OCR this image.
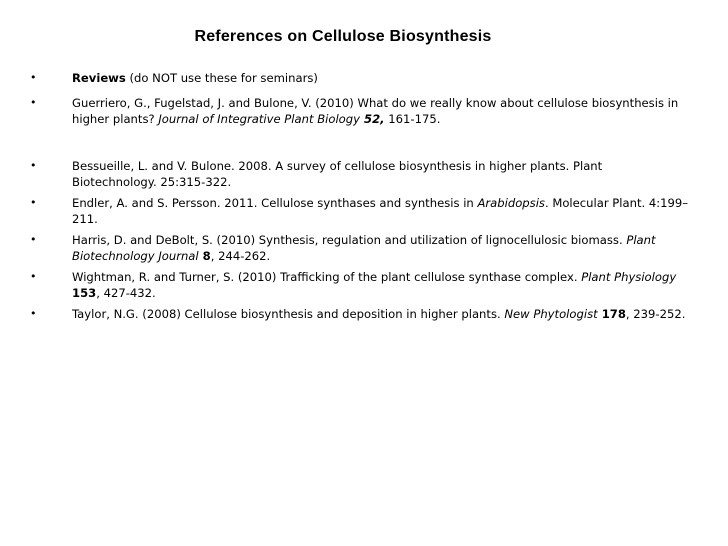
References on Cellulose Biosynthesis
•	Reviews (do NOT use these for seminars)
•	Guerriero, G., Fugelstad, J. and Bulone, V. (2010) What do we really know about cellulose biosynthesis in higher plants? Journal of Integrative Plant Biology 52, 161-175.
•	Bessueille, L. and V. Bulone. 2008. A survey of cellulose biosynthesis in higher plants. Plant Biotechnology. 25:315-322.
•	Endler, A. and S. Persson. 2011. Cellulose synthases and synthesis in Arabidopsis. Molecular Plant. 4:199–211.
•	Harris, D. and DeBolt, S. (2010) Synthesis, regulation and utilization of lignocellulosic biomass. Plant Biotechnology Journal 8, 244-262.
•	Wightman, R. and Turner, S. (2010) Trafficking of the plant cellulose synthase complex. Plant Physiology 153, 427-432.
•	Taylor, N.G. (2008) Cellulose biosynthesis and deposition in higher plants. New Phytologist 178, 239-252.
